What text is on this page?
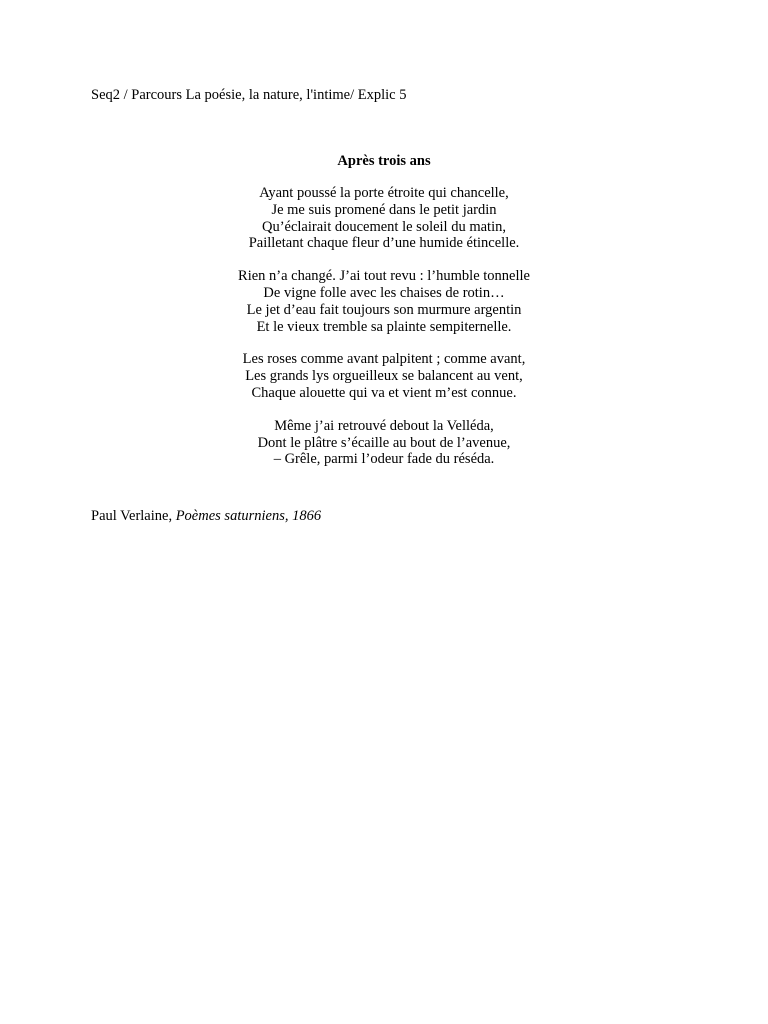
Seq2 / Parcours La poésie, la nature, l'intime/ Explic 5
Après trois ans
Ayant poussé la porte étroite qui chancelle,
Je me suis promené dans le petit jardin
Qu’éclairait doucement le soleil du matin,
Pailletant chaque fleur d’une humide étincelle.
Rien n’a changé. J’ai tout revu : l’humble tonnelle
De vigne folle avec les chaises de rotin…
Le jet d’eau fait toujours son murmure argentin
Et le vieux tremble sa plainte sempiternelle.
Les roses comme avant palpitent ; comme avant,
Les grands lys orgueilleux se balancent au vent,
Chaque alouette qui va et vient m’est connue.
Même j’ai retrouvé debout la Velléda,
Dont le plâtre s’écaille au bout de l’avenue,
– Grêle, parmi l’odeur fade du réséda.
Paul Verlaine, Poèmes saturniens, 1866
